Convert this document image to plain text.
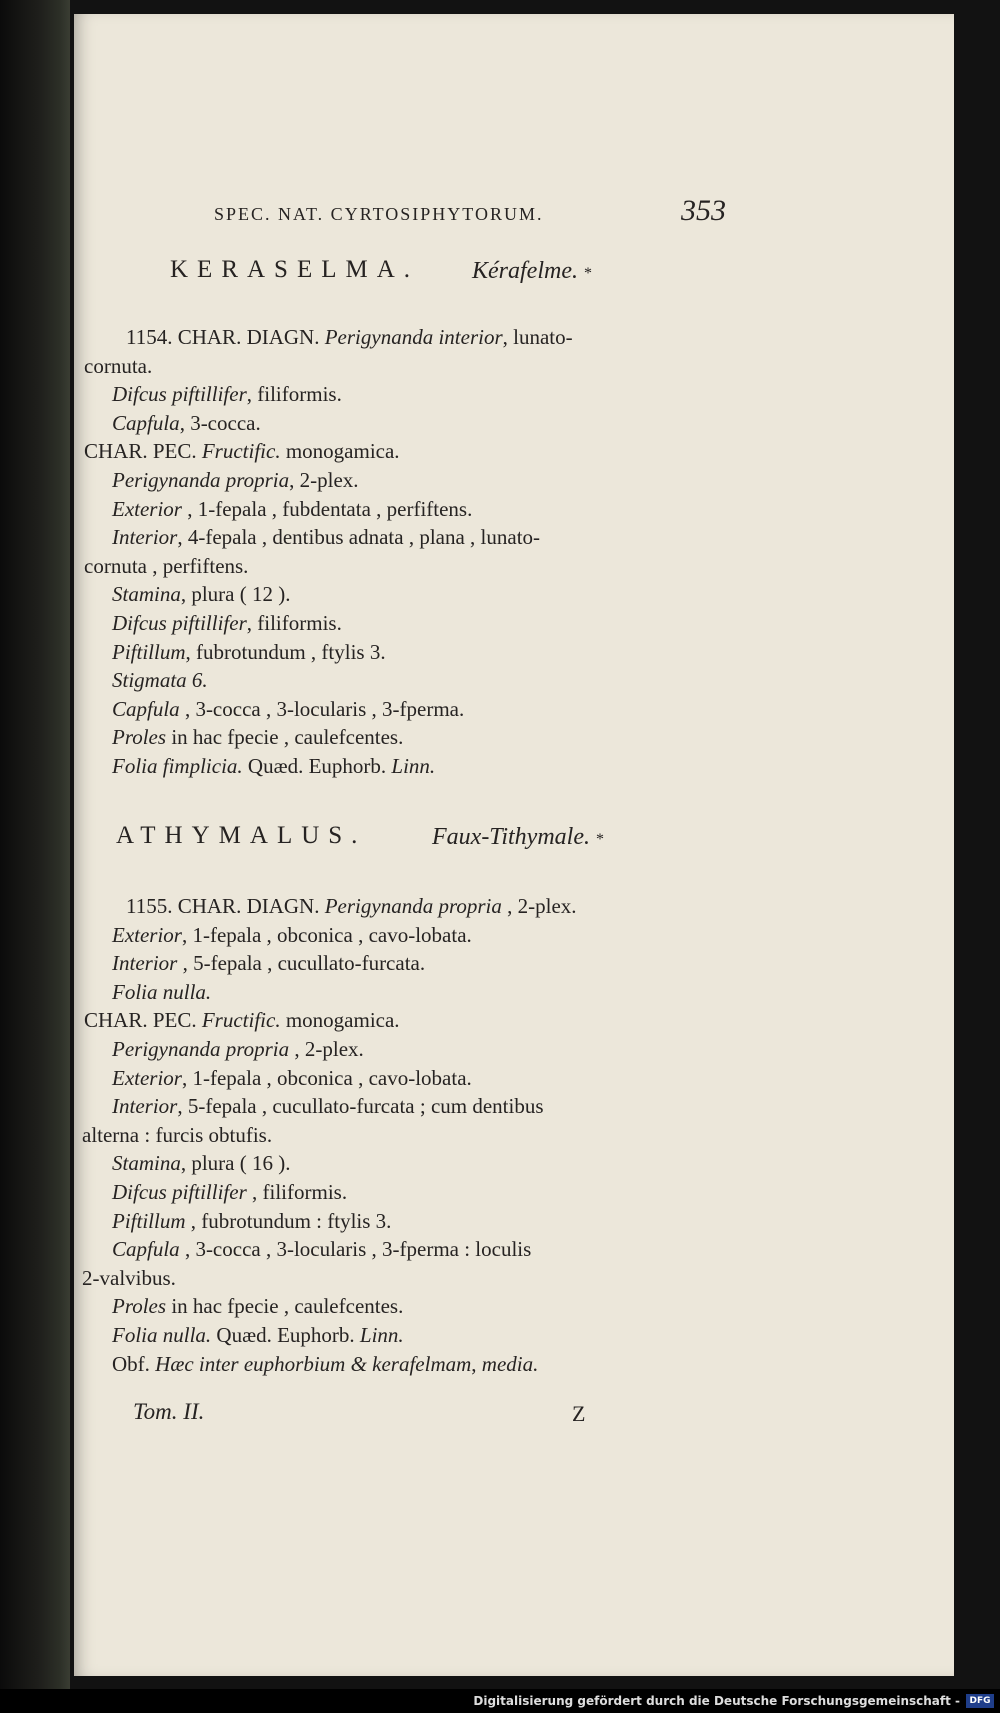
SPEC. NAT. CYRTOSIPHYTORUM.	353
KERASELMA. Kérafelme. *
1154. CHAR. DIAGN. Perigynanda interior, lunato-
cornuta.
Difcus piftillifer, filiformis.
Capfula, 3-cocca.
CHAR. PEC. Fructific. monogamica.
Perigynanda propria, 2-plex.
Exterior , 1-fepala , fubdentata , perfiftens.
Interior, 4-fepala , dentibus adnata , plana , lunato-
cornuta , perfiftens.
Stamina, plura ( 12 ).
Difcus piftillifer, filiformis.
Piftillum, fubrotundum , ftylis 3.
Stigmata 6.
Capfula , 3-cocca , 3-locularis , 3-fperma.
Proles in hac fpecie , caulefcentes.
Folia fimplicia. Quæd. Euphorb. Linn.
ATHYMALUS.	Faux-Tithymale. *
1155. CHAR. DIAGN. Perigynanda propria , 2-plex.
Exterior, 1-fepala , obconica , cavo-lobata.
Interior , 5-fepala , cucullato-furcata.
Folia nulla.
CHAR. PEC. Fructific. monogamica.
Perigynanda propria , 2-plex.
Exterior, 1-fepala , obconica , cavo-lobata.
Interior, 5-fepala , cucullato-furcata ; cum dentibus
alterna : furcis obtufis.
Stamina, plura ( 16 ).
Difcus piftillifer , filiformis.
Piftillum , fubrotundum : ftylis 3.
Capfula , 3-cocca , 3-locularis , 3-fperma : loculis
2-valvibus.
Proles in hac fpecie , caulefcentes.
Folia nulla. Quæd. Euphorb. Linn.
Obf. Hæc inter euphorbium & kerafelmam, media.
Tom. II.	Z
Digitalisierung gefördert durch die Deutsche Forschungsgemeinschaft -	DFG
